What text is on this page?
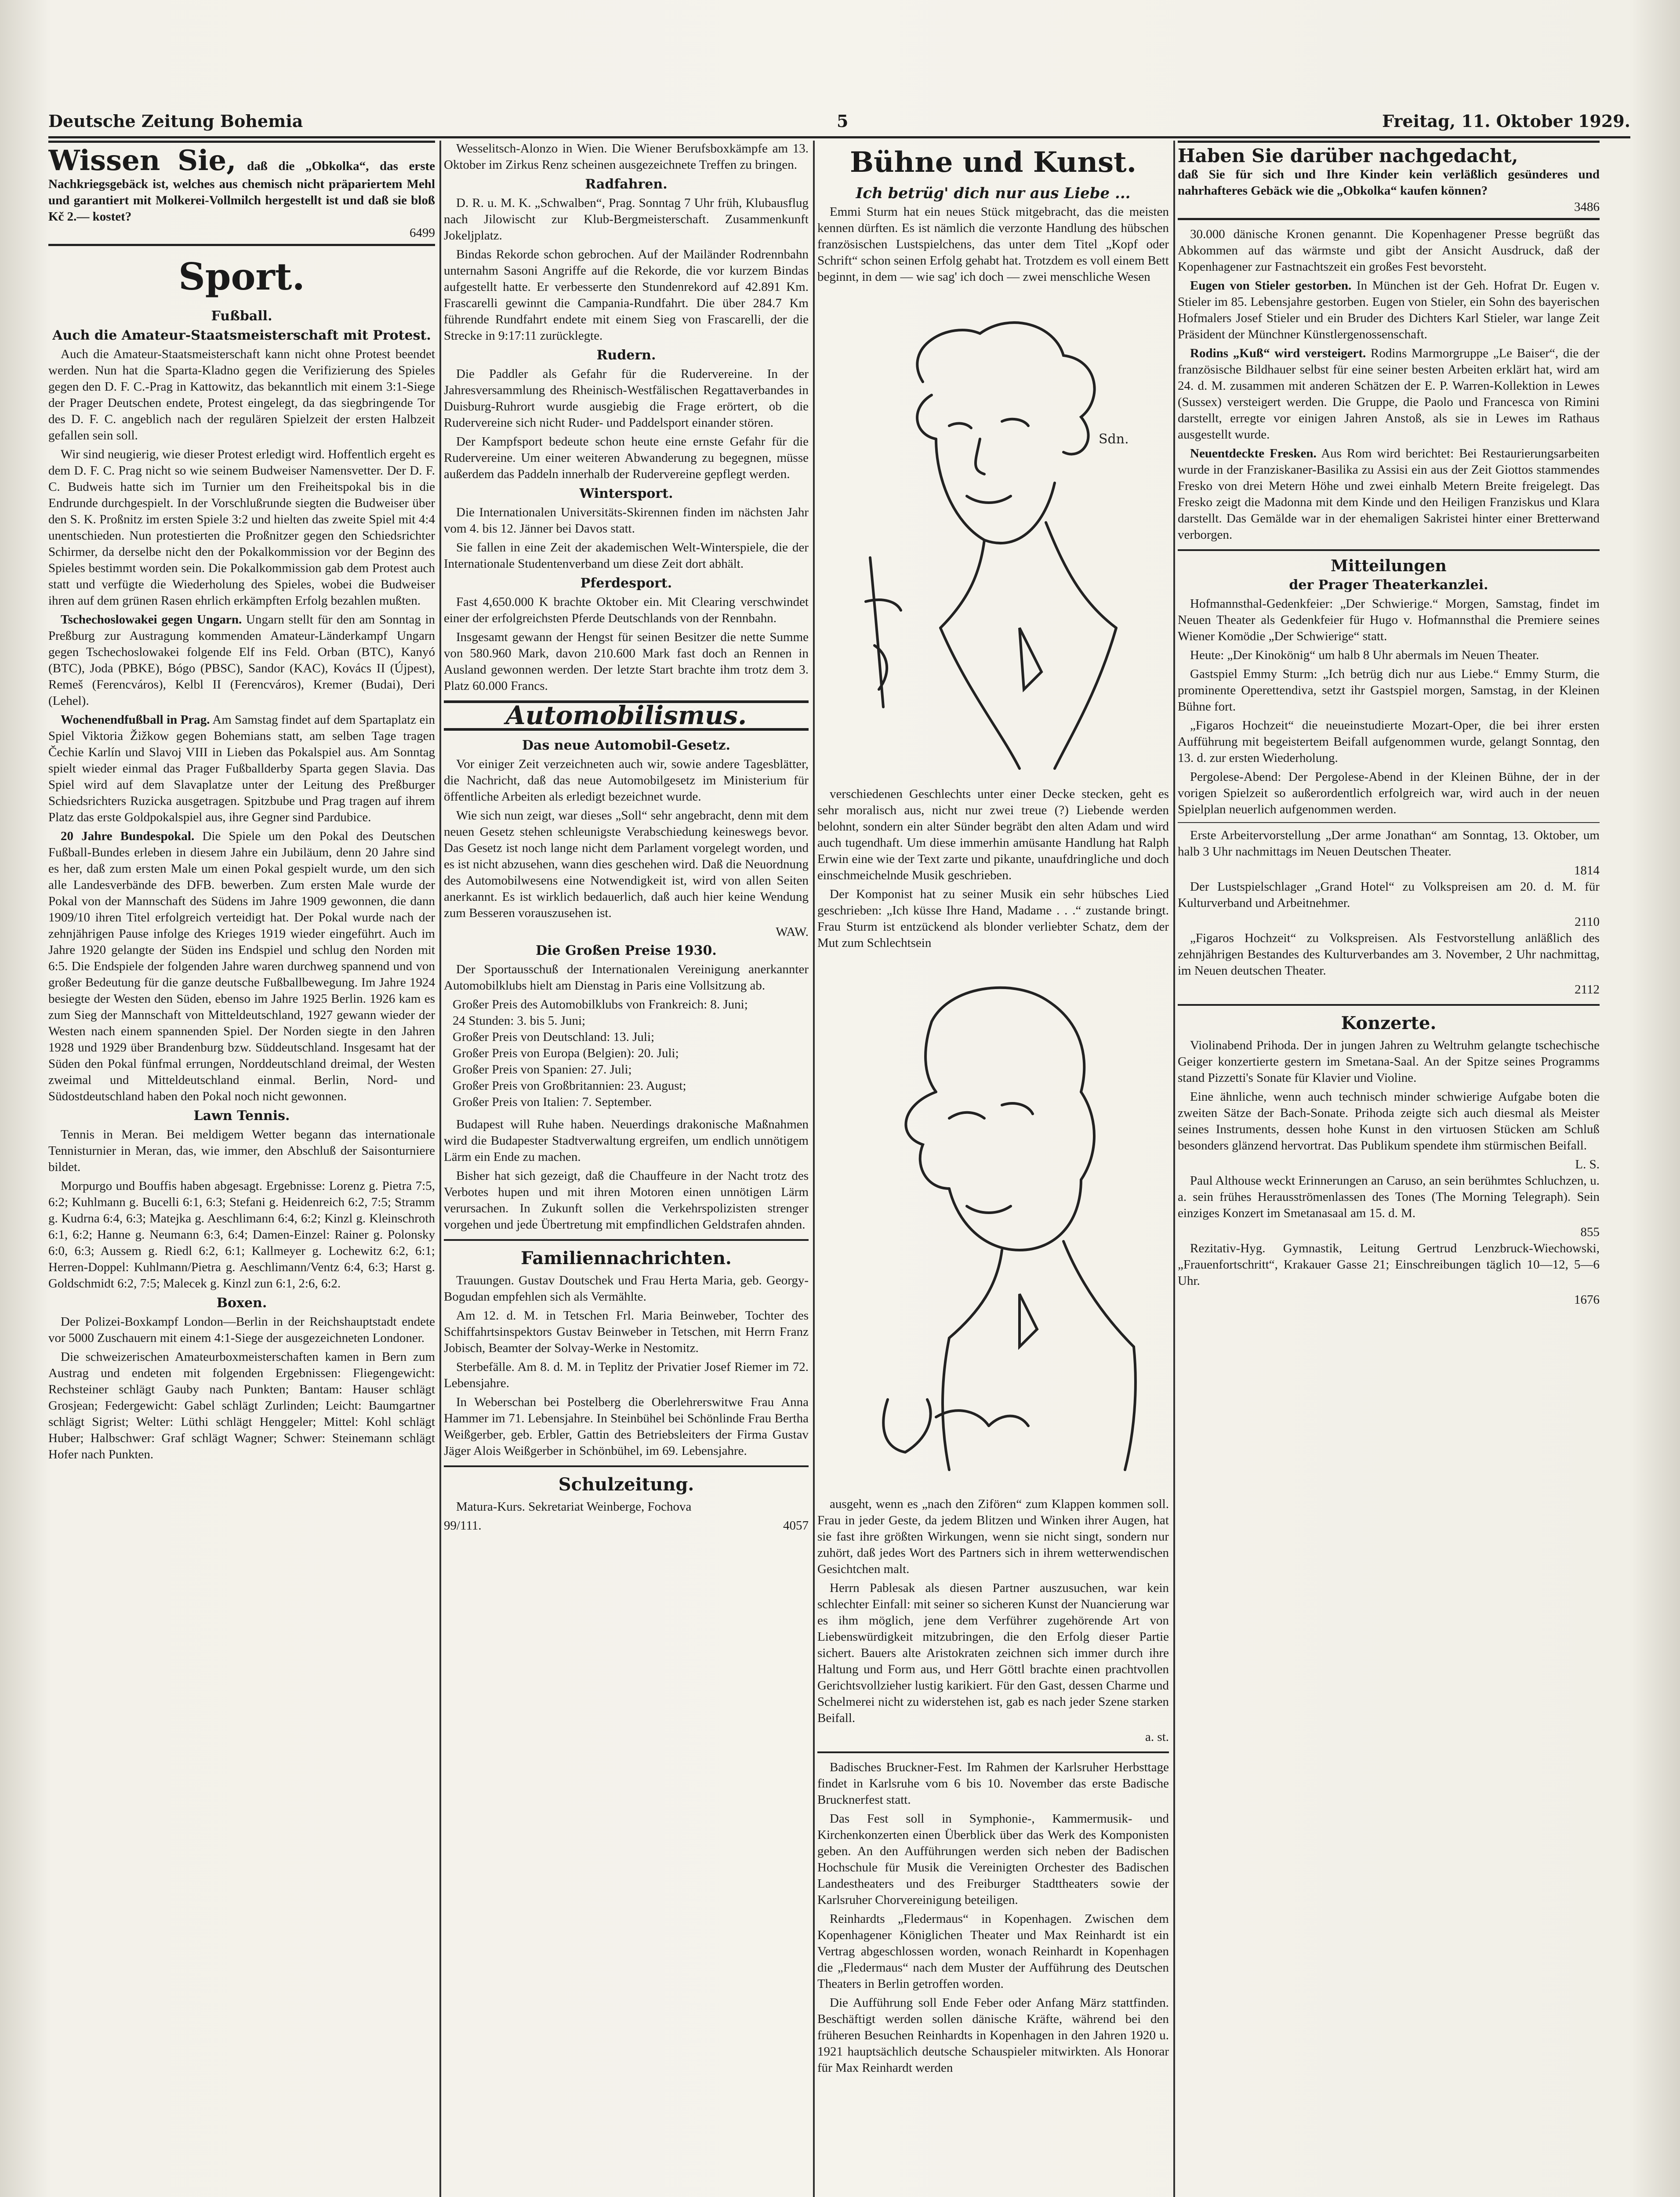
Deutsche Zeitung Bohemia	5	Freitag, 11. Oktober 1929.
Wissen Sie, daß die „Obkolka“, das erste Nachkriegsgebäck ist, welches aus chemisch nicht präpariertem Mehl und garantiert mit Molkerei-Vollmilch hergestellt ist und daß sie bloß Kč 2.— kostet?
6499
Sport.
Fußball.
Auch die Amateur-Staatsmeisterschaft mit Protest.

Auch die Amateur-Staatsmeisterschaft kann nicht ohne Protest beendet werden. Nun hat die Sparta-Kladno gegen die Verifizierung des Spieles gegen den D. F. C.-Prag in Kattowitz, das bekanntlich mit einem 3:1-Siege der Prager Deutschen endete, Protest eingelegt, da das siegbringende Tor des D. F. C. angeblich nach der regulären Spielzeit der ersten Halbzeit gefallen sein soll.

Wir sind neugierig, wie dieser Protest erledigt wird. Hoffentlich ergeht es dem D. F. C. Prag nicht so wie seinem Budweiser Namensvetter. Der D. F. C. Budweis hatte sich im Turnier um den Freiheitspokal bis in die Endrunde durchgespielt. In der Vorschlußrunde siegten die Budweiser über den S. K. Proßnitz im ersten Spiele 3:2 und hielten das zweite Spiel mit 4:4 unentschieden. Nun protestierten die Proßnitzer gegen den Schiedsrichter Schirmer, da derselbe nicht den der Pokalkommission vor der Beginn des Spieles bestimmt worden sein. Die Pokalkommission gab dem Protest auch statt und verfügte die Wiederholung des Spieles, wobei die Budweiser ihren auf dem grünen Rasen ehrlich erkämpften Erfolg bezahlen mußten.

Tschechoslowakei gegen Ungarn. Ungarn stellt für den am Sonntag in Preßburg zur Austragung kommenden Amateur-Länderkampf Ungarn gegen Tschechoslowakei folgende Elf ins Feld. Orban (BTC), Kanyó (BTC), Joda (PBKE), Bógo (PBSC), Sandor (KAC), Kovács II (Újpest), Remeš (Ferencváros), Kelbl II (Ferencváros), Kremer (Budai), Deri (Lehel).

Wochenendfußball in Prag. Am Samstag findet auf dem Spartaplatz ein Spiel Viktoria Žižkow gegen Bohemians statt, am selben Tage tragen Čechie Karlín und Slavoj VIII in Lieben das Pokalspiel aus. Am Sonntag spielt wieder einmal das Prager Fußballderby Sparta gegen Slavia. Das Spiel wird auf dem Slavaplatze unter der Leitung des Preßburger Schiedsrichters Ruzicka ausgetragen. Spitzbube und Prag tragen auf ihrem Platz das erste Goldpokalspiel aus, ihre Gegner sind Pardubice.

20 Jahre Bundespokal. Die Spiele um den Pokal des Deutschen Fußball-Bundes erleben in diesem Jahre ein Jubiläum, denn 20 Jahre sind es her, daß zum ersten Male um einen Pokal gespielt wurde, um den sich alle Landesverbände des DFB. bewerben. Zum ersten Male wurde der Pokal von der Mannschaft des Südens im Jahre 1909 gewonnen, die dann 1909/10 ihren Titel erfolgreich verteidigt hat. Der Pokal wurde nach der zehnjährigen Pause infolge des Krieges 1919 wieder eingeführt. Auch im Jahre 1920 gelangte der Süden ins Endspiel und schlug den Norden mit 6:5. Die Endspiele der folgenden Jahre waren durchweg spannend und von großer Bedeutung für die ganze deutsche Fußballbewegung. Im Jahre 1924 besiegte der Westen den Süden, ebenso im Jahre 1925 Berlin. 1926 kam es zum Sieg der Mannschaft von Mitteldeutschland, 1927 gewann wieder der Westen nach einem spannenden Spiel. Der Norden siegte in den Jahren 1928 und 1929 über Brandenburg bzw. Süddeutschland. Insgesamt hat der Süden den Pokal fünfmal errungen, Norddeutschland dreimal, der Westen zweimal und Mitteldeutschland einmal. Berlin, Nord- und Südostdeutschland haben den Pokal noch nicht gewonnen.

Lawn Tennis.

Tennis in Meran. Bei meldigem Wetter begann das internationale Tennisturnier in Meran, das, wie immer, den Abschluß der Saisonturniere bildet.

Morpurgo und Bouffis haben abgesagt. Ergebnisse: Lorenz g. Pietra 7:5, 6:2; Kuhlmann g. Bucelli 6:1, 6:3; Stefani g. Heidenreich 6:2, 7:5; Stramm g. Kudrna 6:4, 6:3; Matejka g. Aeschlimann 6:4, 6:2; Kinzl g. Kleinschroth 6:1, 6:2; Hanne g. Neumann 6:3, 6:4; Damen-Einzel: Rainer g. Polonsky 6:0, 6:3; Aussem g. Riedl 6:2, 6:1; Kallmeyer g. Lochewitz 6:2, 6:1; Herren-Doppel: Kuhlmann/Pietra g. Aeschlimann/Ventz 6:4, 6:3; Harst g. Goldschmidt 6:2, 7:5; Malecek g. Kinzl zun 6:1, 2:6, 6:2.

Boxen.

Der Polizei-Boxkampf London—Berlin in der Reichshauptstadt endete vor 5000 Zuschauern mit einem 4:1-Siege der ausgezeichneten Londoner.

Die schweizerischen Amateurboxmeisterschaften kamen in Bern zum Austrag und endeten mit folgenden Ergebnissen: Fliegengewicht: Rechsteiner schlägt Gauby nach Punkten; Bantam: Hauser schlägt Grosjean; Federgewicht: Gabel schlägt Zurlinden; Leicht: Baumgartner schlägt Sigrist; Welter: Lüthi schlägt Henggeler; Mittel: Kohl schlägt Huber; Halbschwer: Graf schlägt Wagner; Schwer: Steinemann schlägt Hofer nach Punkten.

Wesselitsch-Alonzo in Wien. Die Wiener Berufsboxkämpfe am 13. Oktober im Zirkus Renz scheinen ausgezeichnete Treffen zu bringen.

Radfahren.

D. R. u. M. K. „Schwalben“, Prag. Sonntag 7 Uhr früh, Klubausflug nach Jilowischt zur Klub-Bergmeisterschaft. Zusammenkunft Jokeljplatz.

Bindas Rekorde schon gebrochen. Auf der Mailänder Rodrennbahn unternahm Sasoni Angriffe auf die Rekorde, die vor kurzem Bindas aufgestellt hatte. Er verbesserte den Stundenrekord auf 42.891 Km. Frascarelli gewinnt die Campania-Rundfahrt. Die über 284.7 Km führende Rundfahrt endete mit einem Sieg von Frascarelli, der die Strecke in 9:17:11 zurücklegte.

Rudern.

Die Paddler als Gefahr für die Rudervereine. In der Jahresversammlung des Rheinisch-Westfälischen Regattaverbandes in Duisburg-Ruhrort wurde ausgiebig die Frage erörtert, ob die Rudervereine sich nicht Ruder- und Paddelsport einander stören.

Der Kampfsport bedeute schon heute eine ernste Gefahr für die Rudervereine. Um einer weiteren Abwanderung zu begegnen, müsse außerdem das Paddeln innerhalb der Rudervereine gepflegt werden.

Wintersport.

Die Internationalen Universitäts-Skirennen finden im nächsten Jahr vom 4. bis 12. Jänner bei Davos statt.

Sie fallen in eine Zeit der akademischen Welt-Winterspiele, die der Internationale Studentenverband um diese Zeit dort abhält.

Pferdesport.

Fast 4,650.000 K brachte Oktober ein. Mit Clearing verschwindet einer der erfolgreichsten Pferde Deutschlands von der Rennbahn.

Insgesamt gewann der Hengst für seinen Besitzer die nette Summe von 580.960 Mark, davon 210.600 Mark fast doch an Rennen in Ausland gewonnen werden. Der letzte Start brachte ihm trotz dem 3. Platz 60.000 Francs.

Automobilismus.
Das neue Automobil-Gesetz.

Vor einiger Zeit verzeichneten auch wir, sowie andere Tagesblätter, die Nachricht, daß das neue Automobilgesetz im Ministerium für öffentliche Arbeiten als erledigt bezeichnet wurde.

Wie sich nun zeigt, war dieses „Soll“ sehr angebracht, denn mit dem neuen Gesetz stehen schleunigste Verabschiedung keineswegs bevor. Das Gesetz ist noch lange nicht dem Parlament vorgelegt worden, und es ist nicht abzusehen, wann dies geschehen wird. Daß die Neuordnung des Automobilwesens eine Notwendigkeit ist, wird von allen Seiten anerkannt. Es ist wirklich bedauerlich, daß auch hier keine Wendung zum Besseren vorauszusehen ist.

WAW.
Die Großen Preise 1930.

Der Sportausschuß der Internationalen Vereinigung anerkannter Automobilklubs hielt am Dienstag in Paris eine Vollsitzung ab.

Großer Preis des Automobilklubs von Frankreich: 8. Juni;
24 Stunden: 3. bis 5. Juni;
Großer Preis von Deutschland: 13. Juli;
Großer Preis von Europa (Belgien): 20. Juli;
Großer Preis von Spanien: 27. Juli;
Großer Preis von Großbritannien: 23. August;
Großer Preis von Italien: 7. September.

Budapest will Ruhe haben. Neuerdings drakonische Maßnahmen wird die Budapester Stadtverwaltung ergreifen, um endlich unnötigem Lärm ein Ende zu machen.

Bisher hat sich gezeigt, daß die Chauffeure in der Nacht trotz des Verbotes hupen und mit ihren Motoren einen unnötigen Lärm verursachen. In Zukunft sollen die Verkehrspolizisten strenger vorgehen und jede Übertretung mit empfindlichen Geldstrafen ahnden.

Familiennachrichten.

Trauungen. Gustav Doutschek und Frau Herta Maria, geb. Georgy-Bogudan empfehlen sich als Vermählte.

Am 12. d. M. in Tetschen Frl. Maria Beinweber, Tochter des Schiffahrtsinspektors Gustav Beinweber in Tetschen, mit Herrn Franz Jobisch, Beamter der Solvay-Werke in Nestomitz.

Sterbefälle. Am 8. d. M. in Teplitz der Privatier Josef Riemer im 72. Lebensjahre.

In Weberschan bei Postelberg die Oberlehrerswitwe Frau Anna Hammer im 71. Lebensjahre. In Steinbühel bei Schönlinde Frau Bertha Weißgerber, geb. Erbler, Gattin des Betriebsleiters der Firma Gustav Jäger Alois Weißgerber in Schönbühel, im 69. Lebensjahre.

Schulzeitung.

Matura-Kurs. Sekretariat Weinberge, Fochova

99/111.	4057
Bühne und Kunst.
Ich betrüg' dich nur aus Liebe ...

Emmi Sturm hat ein neues Stück mitgebracht, das die meisten kennen dürften. Es ist nämlich die verzonte Handlung des hübschen französischen Lustspielchens, das unter dem Titel „Kopf oder Schrift“ schon seinen Erfolg gehabt hat. Trotzdem es voll einem Bett beginnt, in dem — wie sag' ich doch — zwei menschliche Wesen

Sdn.

verschiedenen Geschlechts unter einer Decke stecken, geht es sehr moralisch aus, nicht nur zwei treue (?) Liebende werden belohnt, sondern ein alter Sünder begräbt den alten Adam und wird auch tugendhaft. Um diese immerhin amüsante Handlung hat Ralph Erwin eine wie der Text zarte und pikante, unaufdringliche und doch einschmeichelnde Musik geschrieben.

Der Komponist hat zu seiner Musik ein sehr hübsches Lied geschrieben: „Ich küsse Ihre Hand, Madame . . .“ zustande bringt. Frau Sturm ist entzückend als blonder verliebter Schatz, dem der Mut zum Schlechtsein

ausgeht, wenn es „nach den Zifören“ zum Klappen kommen soll. Frau in jeder Geste, da jedem Blitzen und Winken ihrer Augen, hat sie fast ihre größten Wirkungen, wenn sie nicht singt, sondern nur zuhört, daß jedes Wort des Partners sich in ihrem wetterwendischen Gesichtchen malt.

Herrn Pablesak als diesen Partner auszusuchen, war kein schlechter Einfall: mit seiner so sicheren Kunst der Nuancierung war es ihm möglich, jene dem Verführer zugehörende Art von Liebenswürdigkeit mitzubringen, die den Erfolg dieser Partie sichert. Bauers alte Aristokraten zeichnen sich immer durch ihre Haltung und Form aus, und Herr Göttl brachte einen prachtvollen Gerichtsvollzieher lustig karikiert. Für den Gast, dessen Charme und Schelmerei nicht zu widerstehen ist, gab es nach jeder Szene starken Beifall.

a. st.

Badisches Bruckner-Fest. Im Rahmen der Karlsruher Herbsttage findet in Karlsruhe vom 6 bis 10. November das erste Badische Brucknerfest statt.

Das Fest soll in Symphonie-, Kammermusik- und Kirchenkonzerten einen Überblick über das Werk des Komponisten geben. An den Aufführungen werden sich neben der Badischen Hochschule für Musik die Vereinigten Orchester des Badischen Landestheaters und des Freiburger Stadttheaters sowie der Karlsruher Chorvereinigung beteiligen.

Reinhardts „Fledermaus“ in Kopenhagen. Zwischen dem Kopenhagener Königlichen Theater und Max Reinhardt ist ein Vertrag abgeschlossen worden, wonach Reinhardt in Kopenhagen die „Fledermaus“ nach dem Muster der Aufführung des Deutschen Theaters in Berlin getroffen worden.

Die Aufführung soll Ende Feber oder Anfang März stattfinden. Beschäftigt werden sollen dänische Kräfte, während bei den früheren Besuchen Reinhardts in Kopenhagen in den Jahren 1920 u. 1921 hauptsächlich deutsche Schauspieler mitwirkten. Als Honorar für Max Reinhardt werden

Haben Sie darüber nachgedacht,
daß Sie für sich und Ihre Kinder kein verläßlich gesünderes und nahrhafteres Gebäck wie die „Obkolka“ kaufen können?
3486

30.000 dänische Kronen genannt. Die Kopenhagener Presse begrüßt das Abkommen auf das wärmste und gibt der Ansicht Ausdruck, daß der Kopenhagener zur Fastnachtszeit ein großes Fest bevorsteht.

Eugen von Stieler gestorben. In München ist der Geh. Hofrat Dr. Eugen v. Stieler im 85. Lebensjahre gestorben. Eugen von Stieler, ein Sohn des bayerischen Hofmalers Josef Stieler und ein Bruder des Dichters Karl Stieler, war lange Zeit Präsident der Münchner Künstlergenossenschaft.

Rodins „Kuß“ wird versteigert. Rodins Marmorgruppe „Le Baiser“, die der französische Bildhauer selbst für eine seiner besten Arbeiten erklärt hat, wird am 24. d. M. zusammen mit anderen Schätzen der E. P. Warren-Kollektion in Lewes (Sussex) versteigert werden. Die Gruppe, die Paolo und Francesca von Rimini darstellt, erregte vor einigen Jahren Anstoß, als sie in Lewes im Rathaus ausgestellt wurde.

Neuentdeckte Fresken. Aus Rom wird berichtet: Bei Restaurierungsarbeiten wurde in der Franziskaner-Basilika zu Assisi ein aus der Zeit Giottos stammendes Fresko von drei Metern Höhe und zwei einhalb Metern Breite freigelegt. Das Fresko zeigt die Madonna mit dem Kinde und den Heiligen Franziskus und Klara darstellt. Das Gemälde war in der ehemaligen Sakristei hinter einer Bretterwand verborgen.

Mitteilungen
der Prager Theaterkanzlei.

Hofmannsthal-Gedenkfeier: „Der Schwierige.“ Morgen, Samstag, findet im Neuen Theater als Gedenkfeier für Hugo v. Hofmannsthal die Premiere seines Wiener Komödie „Der Schwierige“ statt.

Heute: „Der Kinokönig“ um halb 8 Uhr abermals im Neuen Theater.

Gastspiel Emmy Sturm: „Ich betrüg dich nur aus Liebe.“ Emmy Sturm, die prominente Operettendiva, setzt ihr Gastspiel morgen, Samstag, in der Kleinen Bühne fort.

„Figaros Hochzeit“ die neueinstudierte Mozart-Oper, die bei ihrer ersten Aufführung mit begeistertem Beifall aufgenommen wurde, gelangt Sonntag, den 13. d. zur ersten Wiederholung.

Pergolese-Abend: Der Pergolese-Abend in der Kleinen Bühne, der in der vorigen Spielzeit so außerordentlich erfolgreich war, wird auch in der neuen Spielplan neuerlich aufgenommen werden.

Erste Arbeitervorstellung „Der arme Jonathan“ am Sonntag, 13. Oktober, um halb 3 Uhr nachmittags im Neuen Deutschen Theater.

1814

Der Lustspielschlager „Grand Hotel“ zu Volkspreisen am 20. d. M. für Kulturverband und Arbeitnehmer.

2110

„Figaros Hochzeit“ zu Volkspreisen. Als Festvorstellung anläßlich des zehnjährigen Bestandes des Kulturverbandes am 3. November, 2 Uhr nachmittag, im Neuen deutschen Theater.

2112
Konzerte.

Violinabend Prihoda. Der in jungen Jahren zu Weltruhm gelangte tschechische Geiger konzertierte gestern im Smetana-Saal. An der Spitze seines Programms stand Pizzetti's Sonate für Klavier und Violine.

Eine ähnliche, wenn auch technisch minder schwierige Aufgabe boten die zweiten Sätze der Bach-Sonate. Prihoda zeigte sich auch diesmal als Meister seines Instruments, dessen hohe Kunst in den virtuosen Stücken am Schluß besonders glänzend hervortrat. Das Publikum spendete ihm stürmischen Beifall.

L. S.

Paul Althouse weckt Erinnerungen an Caruso, an sein berühmtes Schluchzen, u. a. sein frühes Herausströmenlassen des Tones (The Morning Telegraph). Sein einziges Konzert im Smetanasaal am 15. d. M.

855

Rezitativ-Hyg. Gymnastik, Leitung Gertrud Lenzbruck-Wiechowski, „Frauenfortschritt“, Krakauer Gasse 21; Einschreibungen täglich 10—12, 5—6 Uhr.

1676
